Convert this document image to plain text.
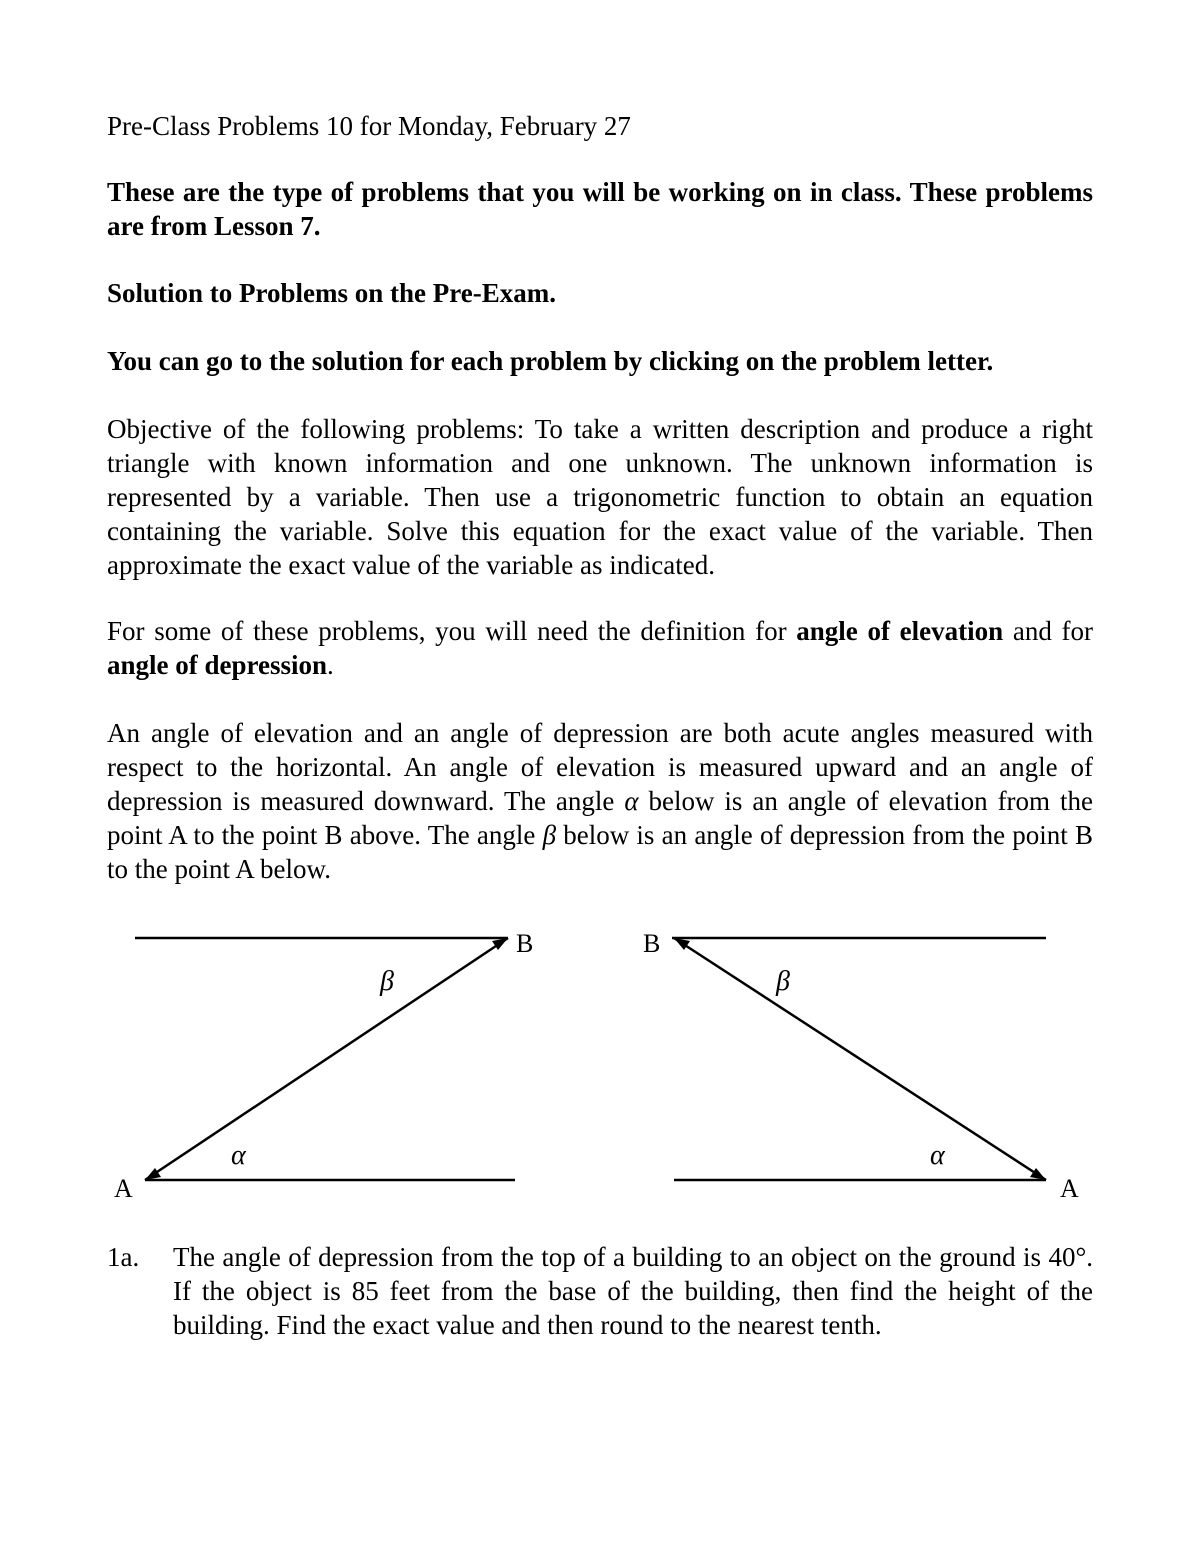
Pre-Class Problems 10 for Monday, February 27

These are the type of problems that you will be working on in class. These problems are from Lesson 7.

Solution to Problems on the Pre-Exam.

You can go to the solution for each problem by clicking on the problem letter.

Objective of the following problems: To take a written description and produce a right triangle with known information and one unknown. The unknown information is represented by a variable. Then use a trigonometric function to obtain an equation containing the variable. Solve this equation for the exact value of the variable. Then approximate the exact value of the variable as indicated.

For some of these problems, you will need the definition for angle of elevation and for angle of depression.

An angle of elevation and an angle of depression are both acute angles measured with respect to the horizontal. An angle of elevation is measured upward and an angle of depression is measured downward. The angle α below is an angle of elevation from the point A to the point B above. The angle β below is an angle of depression from the point B to the point A below.

1a. The angle of depression from the top of a building to an object on the ground is 40°. If the object is 85 feet from the base of the building, then find the height of the building. Find the exact value and then round to the nearest tenth.
B
A
β
α
B
A
β
α
